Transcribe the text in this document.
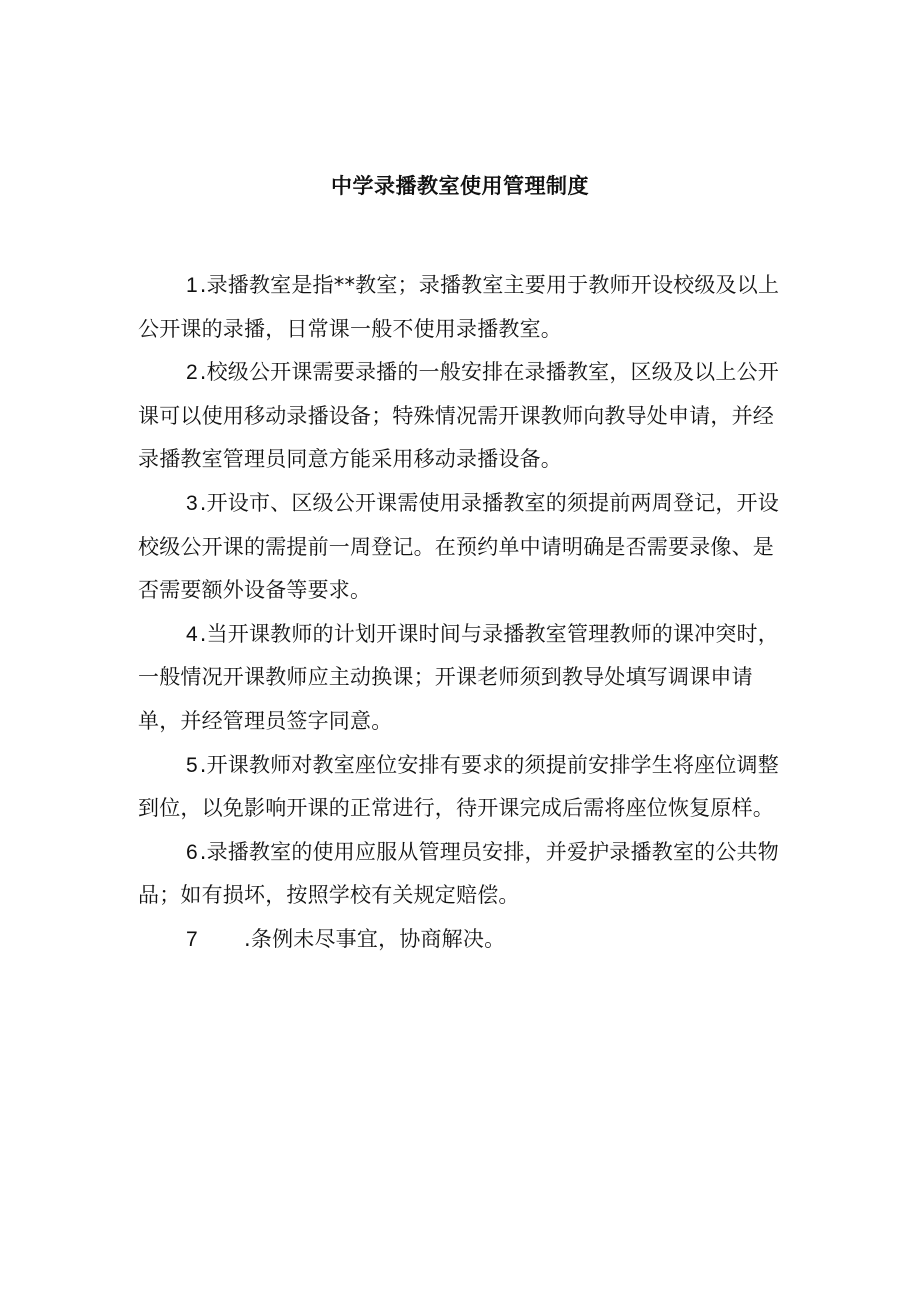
中学录播教室使用管理制度

1.录播教室是指**教室；录播教室主要用于教师开设校级及以上公开课的录播，日常课一般不使用录播教室。

2.校级公开课需要录播的一般安排在录播教室，区级及以上公开课可以使用移动录播设备；特殊情况需开课教师向教导处申请，并经录播教室管理员同意方能采用移动录播设备。

3.开设市、区级公开课需使用录播教室的须提前两周登记，开设校级公开课的需提前一周登记。在预约单中请明确是否需要录像、是否需要额外设备等要求。

4.当开课教师的计划开课时间与录播教室管理教师的课冲突时，一般情况开课教师应主动换课；开课老师须到教导处填写调课申请单，并经管理员签字同意。

5.开课教师对教室座位安排有要求的须提前安排学生将座位调整到位，以免影响开课的正常进行，待开课完成后需将座位恢复原样。

6.录播教室的使用应服从管理员安排，并爱护录播教室的公共物品；如有损坏，按照学校有关规定赔偿。

7 .条例未尽事宜，协商解决。
